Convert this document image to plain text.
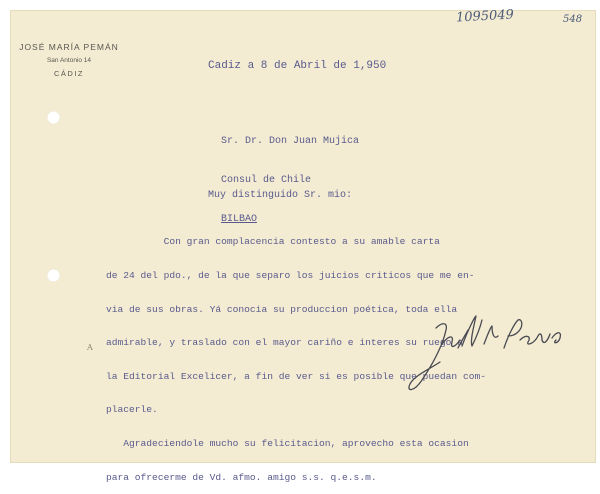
JOSÉ MARÍA PEMÁN
San Antonio 14
CÁDIZ
1095049	548

Cadiz a 8 de Abril de 1,950

Sr. Dr. Don Juan Mujica

Consul de Chile

BILBAO

Muy distinguido Sr. mio:

Con gran complacencia contesto a su amable carta

de 24 del pdo., de la que separo los juicios criticos que me en-

via de sus obras. Yá conocia su produccion poética, toda ella

admirable, y traslado con el mayor cariño e interes su ruego a

la Editorial Excelicer, a fin de ver si es posible que puedan com-

placerle.

Agradeciendole mucho su felicitacion, aprovecho esta ocasion

para ofrecerme de Vd. afmo. amigo s.s. q.e.s.m.

A
